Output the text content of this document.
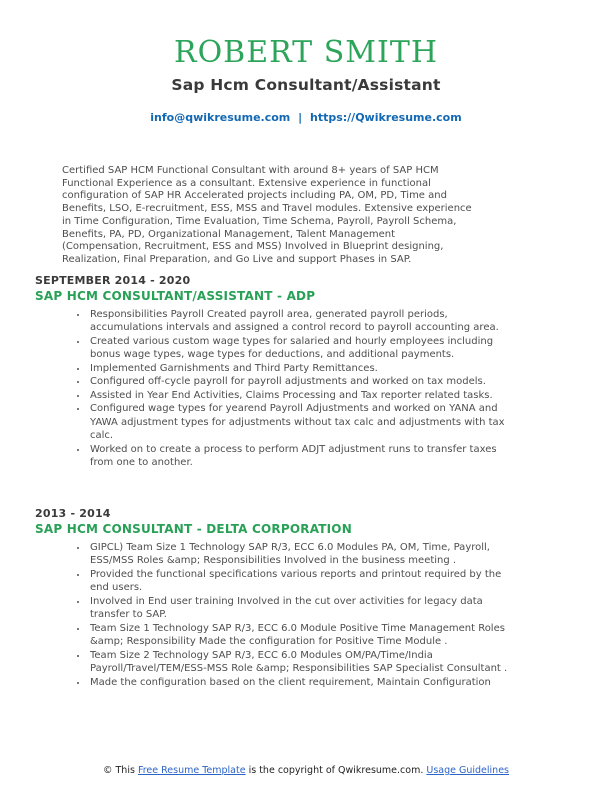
ROBERT SMITH
Sap Hcm Consultant/Assistant
info@qwikresume.com | https://Qwikresume.com

Certified SAP HCM Functional Consultant with around 8+ years of SAP HCM Functional Experience as a consultant. Extensive experience in functional configuration of SAP HR Accelerated projects including PA, OM, PD, Time and Benefits, LSO, E-recruitment, ESS, MSS and Travel modules. Extensive experience in Time Configuration, Time Evaluation, Time Schema, Payroll, Payroll Schema, Benefits, PA, PD, Organizational Management, Talent Management (Compensation, Recruitment, ESS and MSS) Involved in Blueprint designing, Realization, Final Preparation, and Go Live and support Phases in SAP.

SEPTEMBER 2014 - 2020
SAP HCM CONSULTANT/ASSISTANT - ADP
• Responsibilities Payroll Created payroll area, generated payroll periods, accumulations intervals and assigned a control record to payroll accounting area.
• Created various custom wage types for salaried and hourly employees including bonus wage types, wage types for deductions, and additional payments.
• Implemented Garnishments and Third Party Remittances.
• Configured off-cycle payroll for payroll adjustments and worked on tax models.
• Assisted in Year End Activities, Claims Processing and Tax reporter related tasks.
• Configured wage types for yearend Payroll Adjustments and worked on YANA and YAWA adjustment types for adjustments without tax calc and adjustments with tax calc.
• Worked on to create a process to perform ADJT adjustment runs to transfer taxes from one to another.
2013 - 2014
SAP HCM CONSULTANT - DELTA CORPORATION
• GIPCL) Team Size 1 Technology SAP R/3, ECC 6.0 Modules PA, OM, Time, Payroll, ESS/MSS Roles &amp; Responsibilities Involved in the business meeting .
• Provided the functional specifications various reports and printout required by the end users.
• Involved in End user training Involved in the cut over activities for legacy data transfer to SAP.
• Team Size 1 Technology SAP R/3, ECC 6.0 Module Positive Time Management Roles &amp; Responsibility Made the configuration for Positive Time Module .
• Team Size 2 Technology SAP R/3, ECC 6.0 Modules OM/PA/Time/India Payroll/Travel/TEM/ESS-MSS Role &amp; Responsibilities SAP Specialist Consultant .
• Made the configuration based on the client requirement, Maintain Configuration
© This Free Resume Template is the copyright of Qwikresume.com. Usage Guidelines
